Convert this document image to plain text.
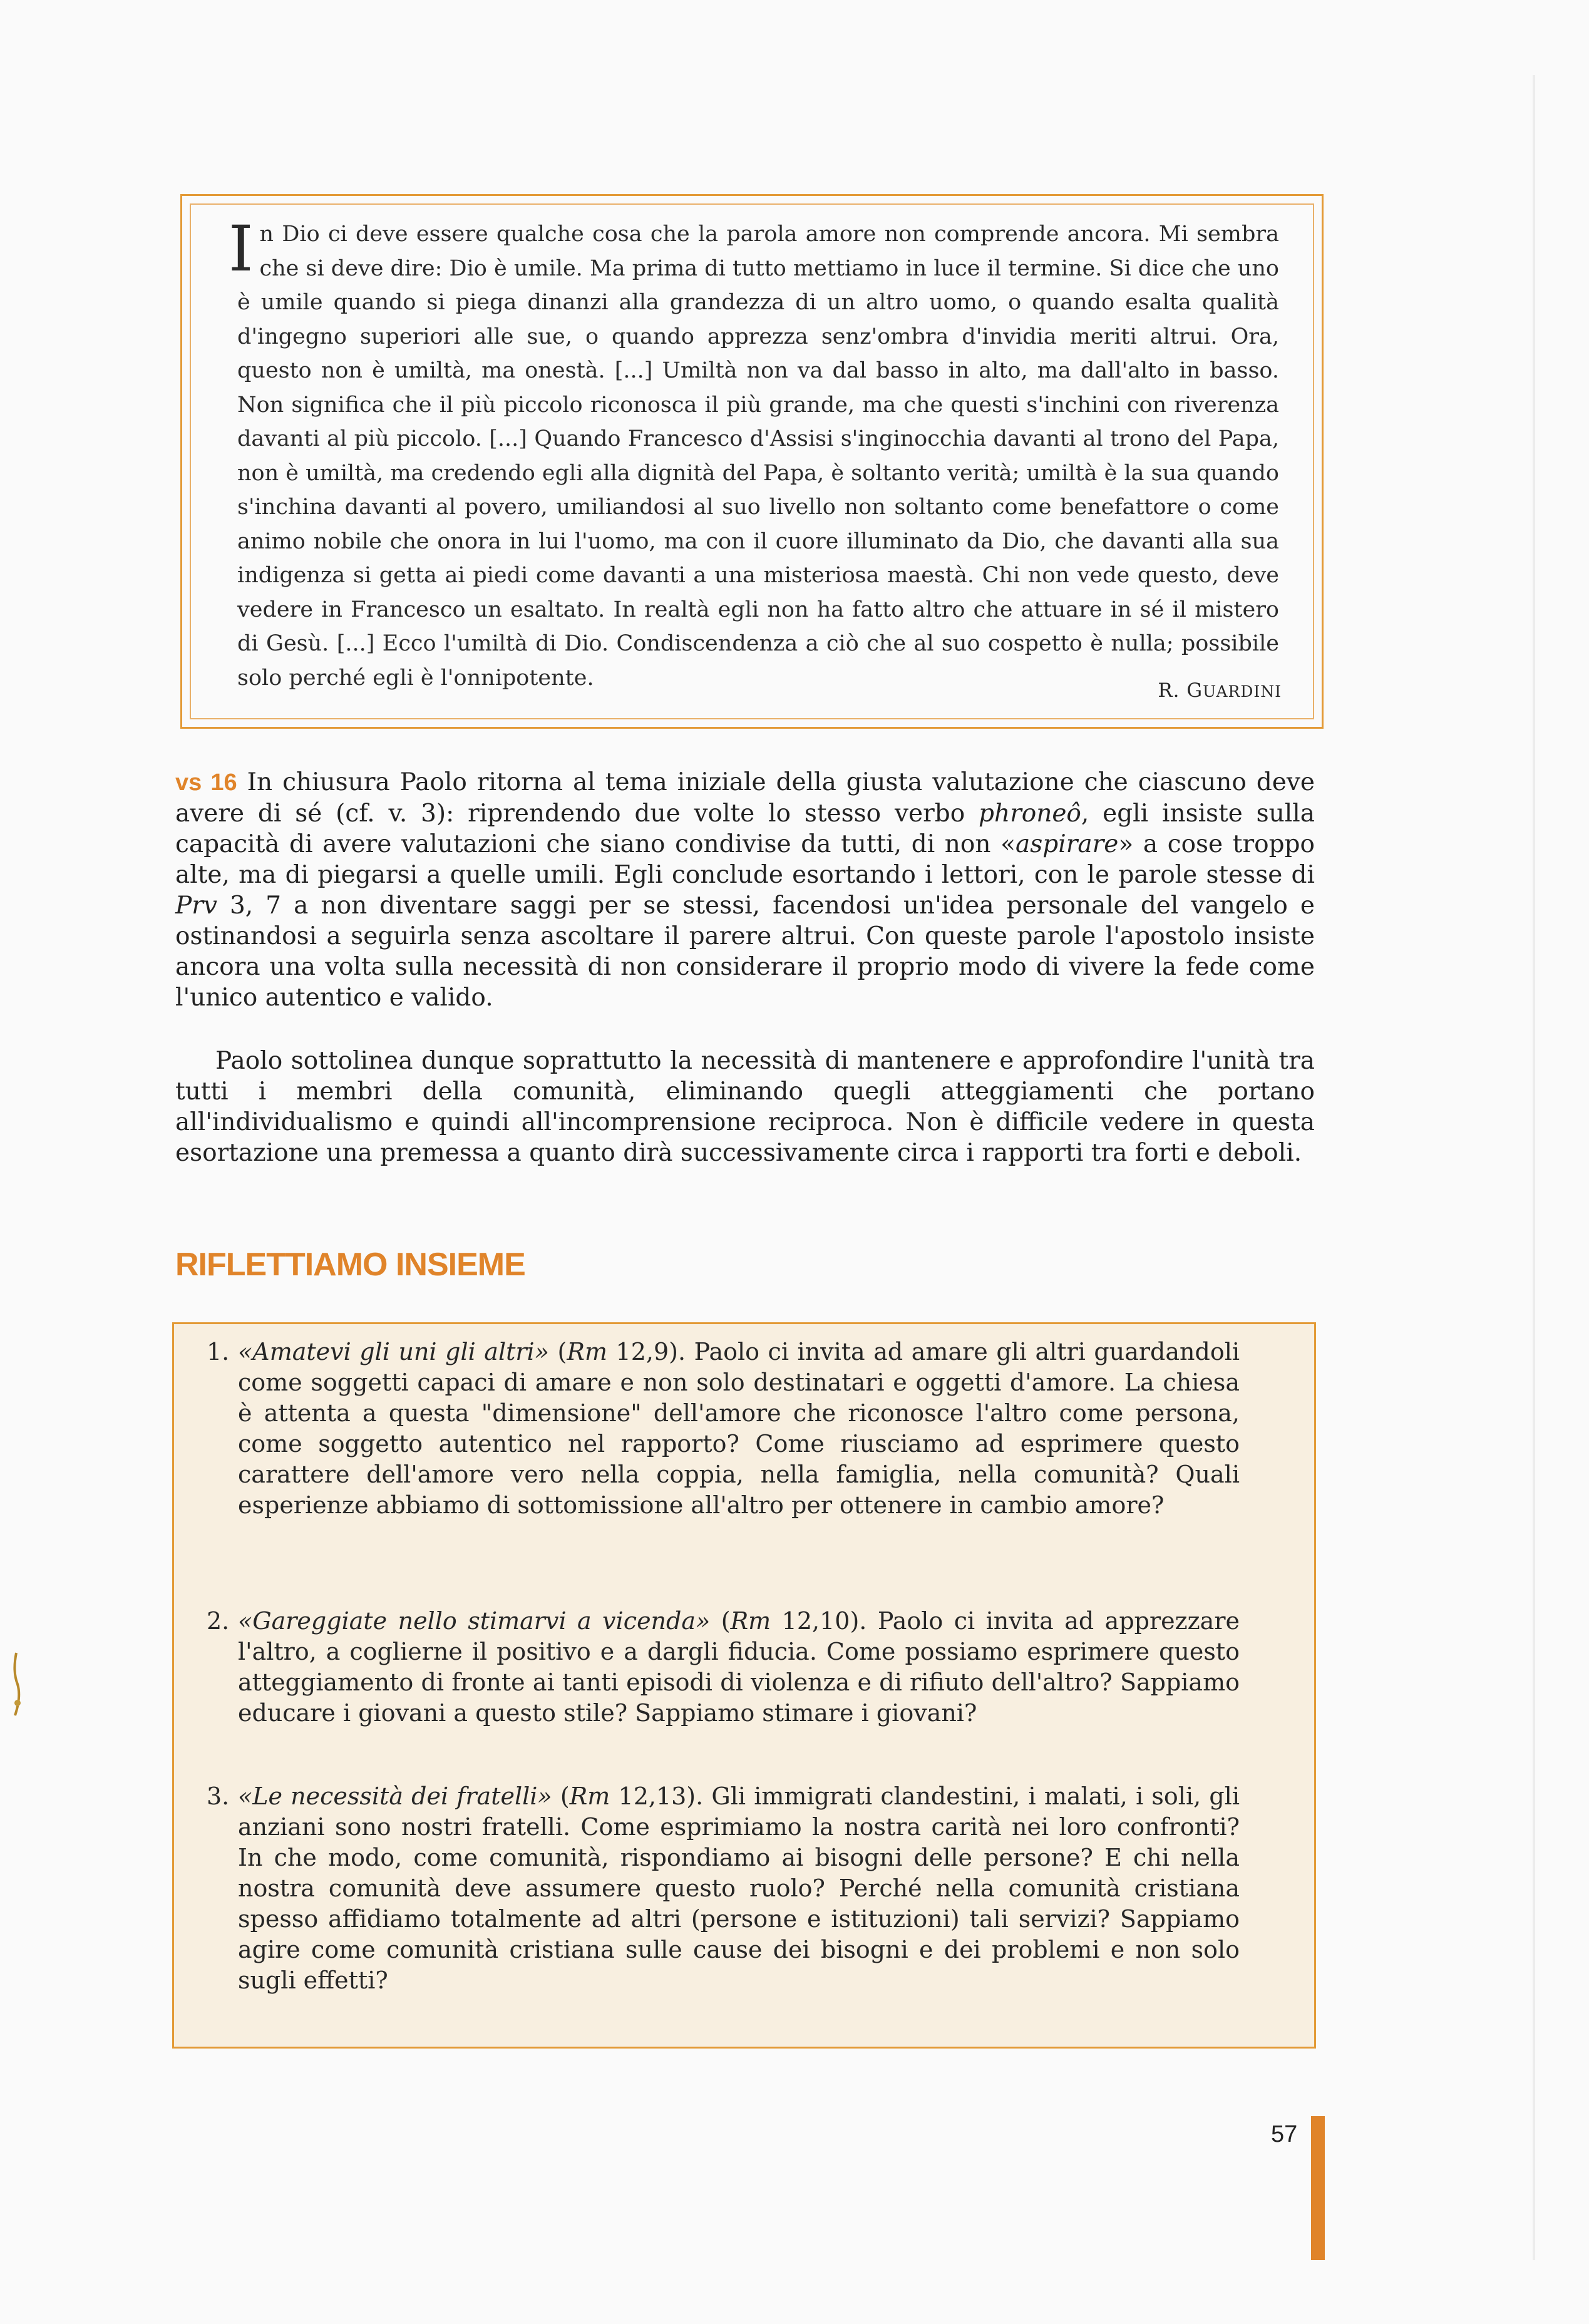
In Dio ci deve essere qualche cosa che la parola amore non comprende ancora. Mi sembra che si deve dire: Dio è umile. Ma prima di tutto mettiamo in luce il termine. Si dice che uno è umile quando si piega dinanzi alla grandezza di un altro uomo, o quando esalta qualità d'ingegno superiori alle sue, o quando apprezza senz'ombra d'invidia meriti altrui. Ora, questo non è umiltà, ma onestà. [...] Umiltà non va dal basso in alto, ma dall'alto in basso. Non significa che il più piccolo riconosca il più grande, ma che questi s'inchini con riverenza davanti al più piccolo. [...] Quando Francesco d'Assisi s'inginocchia davanti al trono del Papa, non è umiltà, ma credendo egli alla dignità del Papa, è soltanto verità; umiltà è la sua quando s'inchina davanti al povero, umiliandosi al suo livello non soltanto come benefattore o come animo nobile che onora in lui l'uomo, ma con il cuore illuminato da Dio, che davanti alla sua indigenza si getta ai piedi come davanti a una misteriosa maestà. Chi non vede questo, deve vedere in Francesco un esaltato. In realtà egli non ha fatto altro che attuare in sé il mistero di Gesù. [...] Ecco l'umiltà di Dio. Condiscendenza a ciò che al suo cospetto è nulla; possibile solo perché egli è l'onnipotente.

R. GUARDINI

vs 16 In chiusura Paolo ritorna al tema iniziale della giusta valutazione che ciascuno deve avere di sé (cf. v. 3): riprendendo due volte lo stesso verbo phroneô, egli insiste sulla capacità di avere valutazioni che siano condivise da tutti, di non «aspirare» a cose troppo alte, ma di piegarsi a quelle umili. Egli conclude esortando i lettori, con le parole stesse di Prv 3, 7 a non diventare saggi per se stessi, facendosi un'idea personale del vangelo e ostinandosi a seguirla senza ascoltare il parere altrui. Con queste parole l'apostolo insiste ancora una volta sulla necessità di non considerare il proprio modo di vivere la fede come l'unico autentico e valido.

Paolo sottolinea dunque soprattutto la necessità di mantenere e approfondire l'unità tra tutti i membri della comunità, eliminando quegli atteggiamenti che portano all'individualismo e quindi all'incomprensione reciproca. Non è difficile vedere in questa esortazione una premessa a quanto dirà successivamente circa i rapporti tra forti e deboli.

RIFLETTIAMO INSIEME

1. «Amatevi gli uni gli altri» (Rm 12,9). Paolo ci invita ad amare gli altri guardandoli come soggetti capaci di amare e non solo destinatari e oggetti d'amore. La chiesa è attenta a questa "dimensione" dell'amore che riconosce l'altro come persona, come soggetto autentico nel rapporto? Come riusciamo ad esprimere questo carattere dell'amore vero nella coppia, nella famiglia, nella comunità? Quali esperienze abbiamo di sottomissione all'altro per ottenere in cambio amore?

2. «Gareggiate nello stimarvi a vicenda» (Rm 12,10). Paolo ci invita ad apprezzare l'altro, a coglierne il positivo e a dargli fiducia. Come possiamo esprimere questo atteggiamento di fronte ai tanti episodi di violenza e di rifiuto dell'altro? Sappiamo educare i giovani a questo stile? Sappiamo stimare i giovani?

3. «Le necessità dei fratelli» (Rm 12,13). Gli immigrati clandestini, i malati, i soli, gli anziani sono nostri fratelli. Come esprimiamo la nostra carità nei loro confronti? In che modo, come comunità, rispondiamo ai bisogni delle persone? E chi nella nostra comunità deve assumere questo ruolo? Perché nella comunità cristiana spesso affidiamo totalmente ad altri (persone e istituzioni) tali servizi? Sappiamo agire come comunità cristiana sulle cause dei bisogni e dei problemi e non solo sugli effetti?

57
